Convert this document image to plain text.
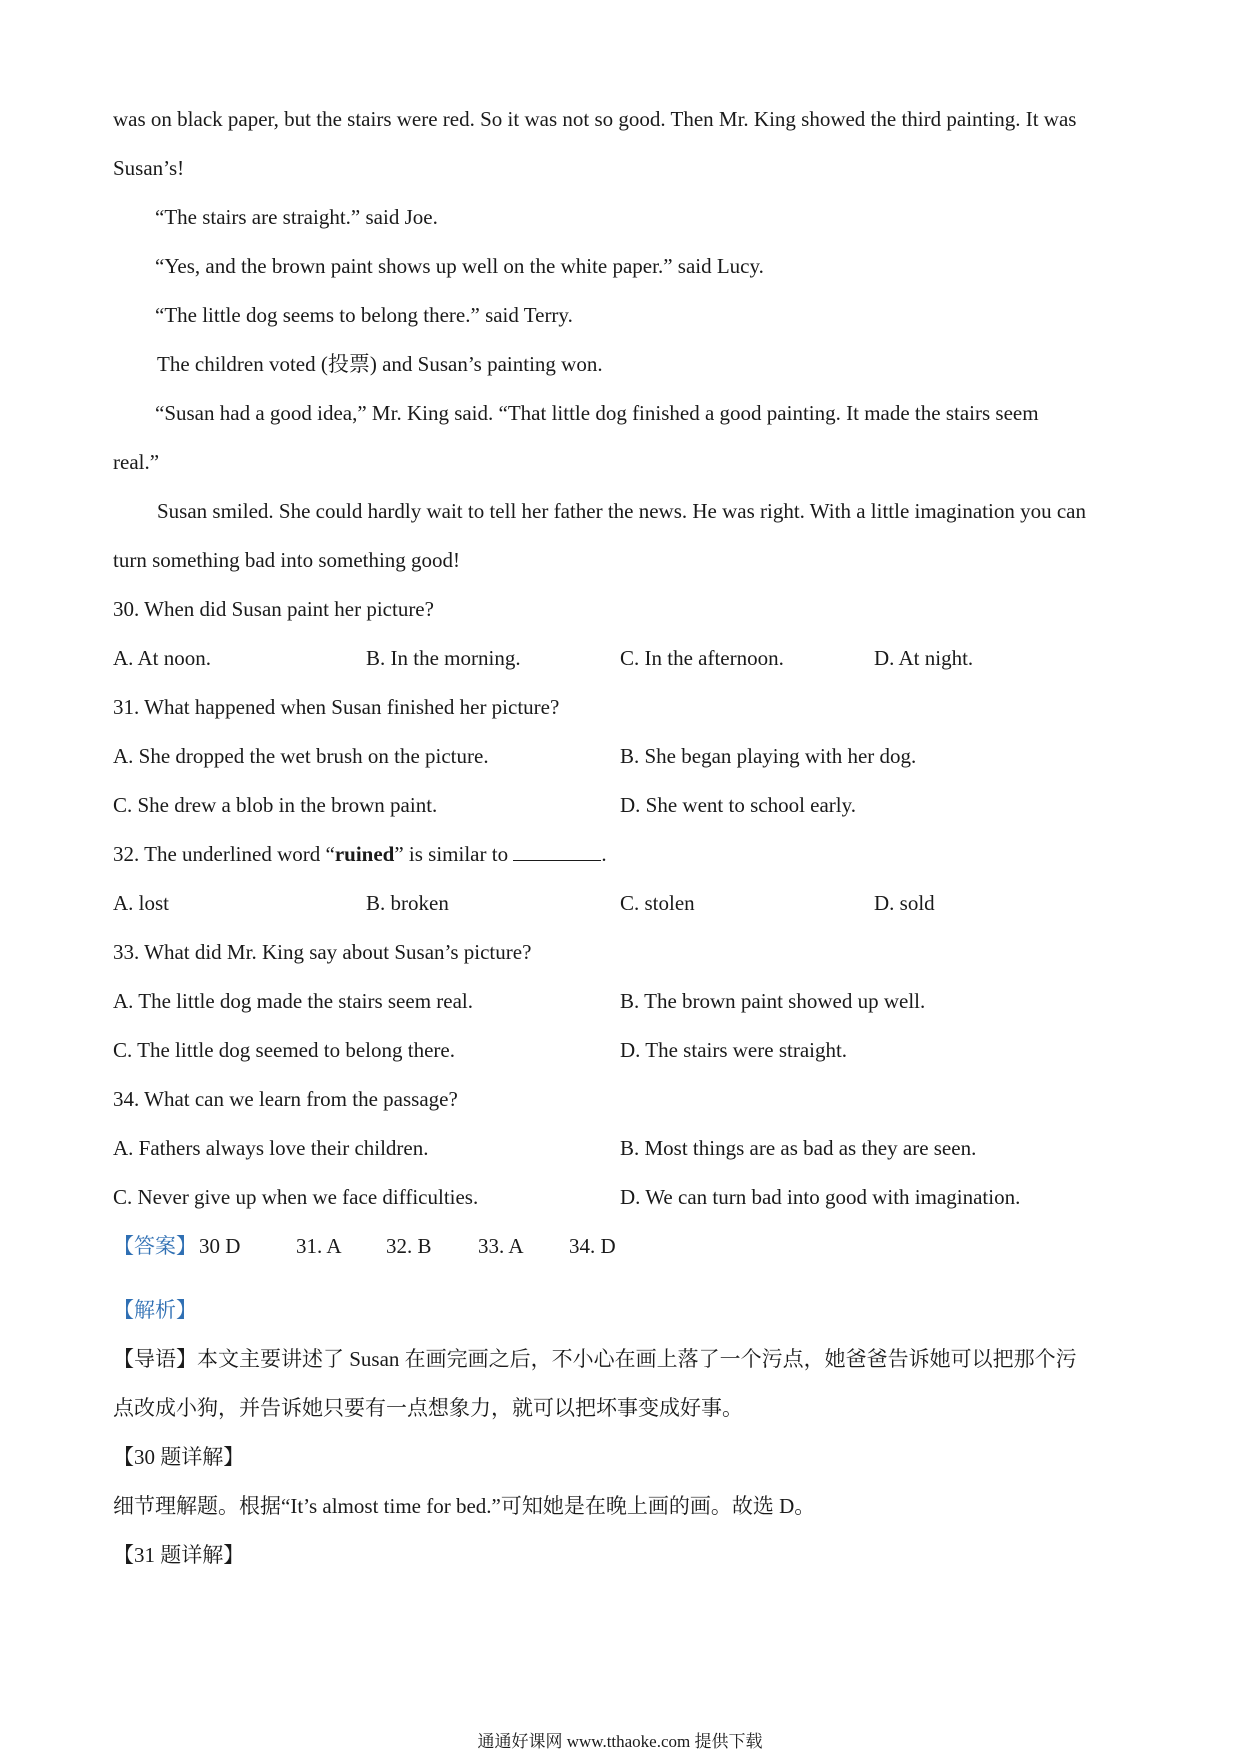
was on black paper, but the stairs were red. So it was not so good. Then Mr. King showed the third painting. It was
Susan’s!
“The stairs are straight.” said Joe.
“Yes, and the brown paint shows up well on the white paper.” said Lucy.
“The little dog seems to belong there.” said Terry.
The children voted (投票) and Susan’s painting won.
“Susan had a good idea,” Mr. King said. “That little dog finished a good painting. It made the stairs seem
real.”
Susan smiled. She could hardly wait to tell her father the news. He was right. With a little imagination you can
turn something bad into something good!
30. When did Susan paint her picture?
A. At noon.	B. In the morning.	C. In the afternoon.	D. At night.
31. What happened when Susan finished her picture?
A. She dropped the wet brush on the picture.	B. She began playing with her dog.
C. She drew a blob in the brown paint.	D. She went to school early.
32. The underlined word “ruined” is similar to	.
A. lost	B. broken	C. stolen	D. sold
33. What did Mr. King say about Susan’s picture?
A. The little dog made the stairs seem real.	B. The brown paint showed up well.
C. The little dog seemed to belong there.	D. The stairs were straight.
34. What can we learn from the passage?
A. Fathers always love their children.	B. Most things are as bad as they are seen.
C. Never give up when we face difficulties.	D. We can turn bad into good with imagination.
【答案】 30 D	31. A 32. B 33. A 34. D
【解析】
【导语】本文主要讲述了 Susan 在画完画之后，不小心在画上落了一个污点，她爸爸告诉她可以把那个污
点改成小狗，并告诉她只要有一点想象力，就可以把坏事变成好事。
【30 题详解】
细节理解题。根据“It’s almost time for bed.”可知她是在晚上画的画。故选 D。
【31 题详解】
通通好课网 www.tthaoke.com 提供下载
